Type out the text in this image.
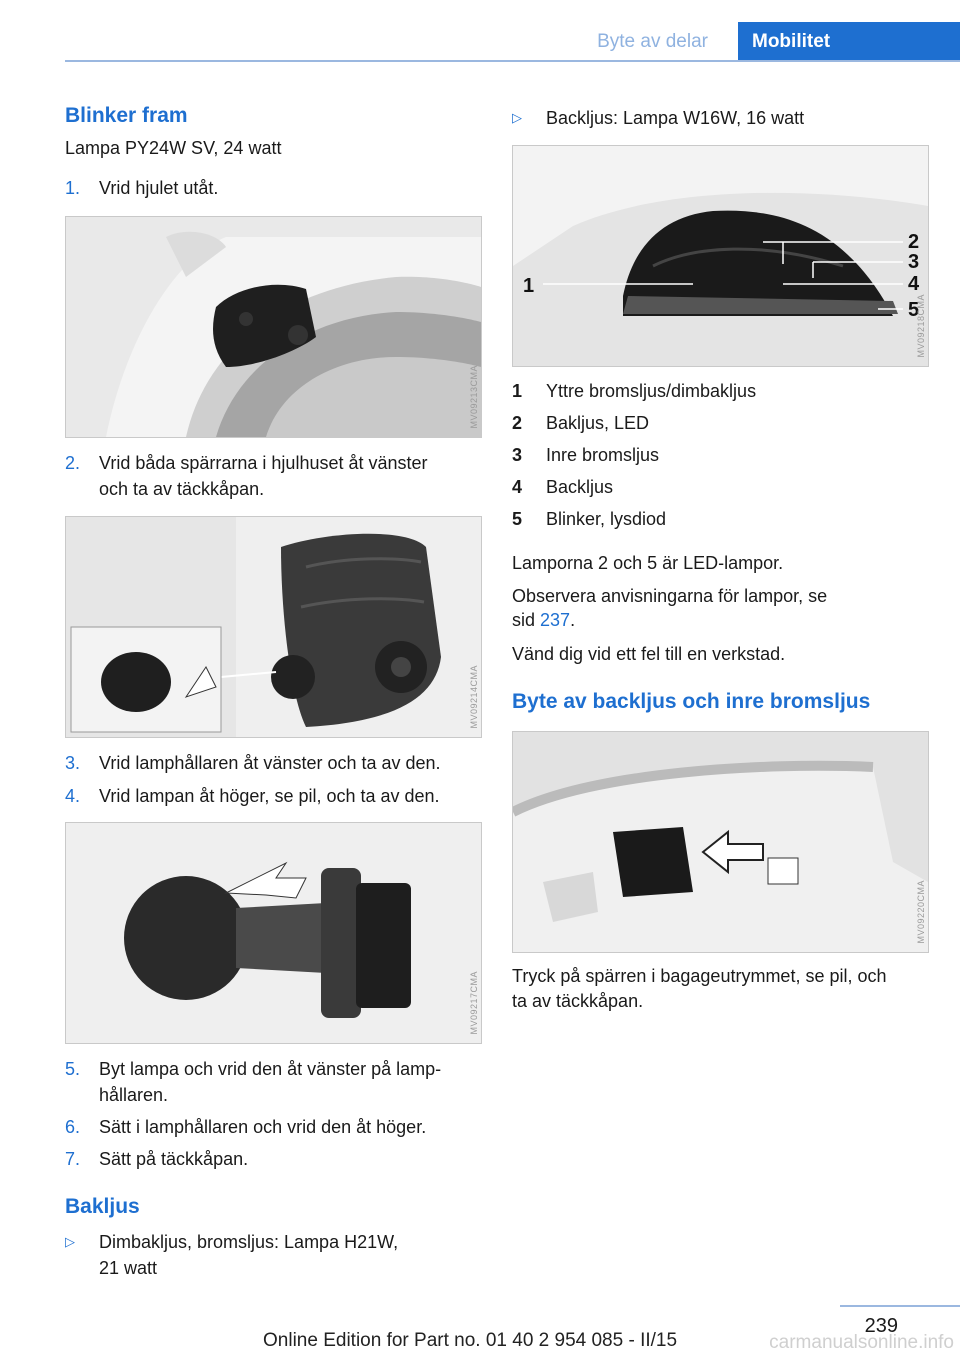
Byte av delar	Mobilitet
Blinker fram

Lampa PY24W SV, 24 watt

1. Vrid hjulet utåt.
MV09213CMA
2. Vrid båda spärrarna i hjulhuset åt vänster
och ta av täckkåpan.
MV09214CMA
3. Vrid lamphållaren åt vänster och ta av den.
4. Vrid lampan åt höger, se pil, och ta av den.
MV09217CMA
5. Byt lampa och vrid den åt vänster på lamp‐
hållaren.
6. Sätt i lamphållaren och vrid den åt höger.
7. Sätt på täckkåpan.
Bakljus
▷ Dimbakljus, bromsljus: Lampa H21W,
21 watt
▷ Backljus: Lampa W16W, 16 watt
1
2
3
4
5
MV09218CMA
1 Yttre bromsljus/dimbakljus
2 Bakljus, LED
3 Inre bromsljus
4 Backljus
5 Blinker, lysdiod

Lamporna 2 och 5 är LED-lampor.

Observera anvisningarna för lampor, se

sid 237.

Vänd dig vid ett fel till en verkstad.

Byte av backljus och inre bromsljus
MV09220CMA

Tryck på spärren i bagageutrymmet, se pil, och

ta av täckkåpan.

239
Online Edition for Part no. 01 40 2 954 085 - II/15	carmanualsonline.info
